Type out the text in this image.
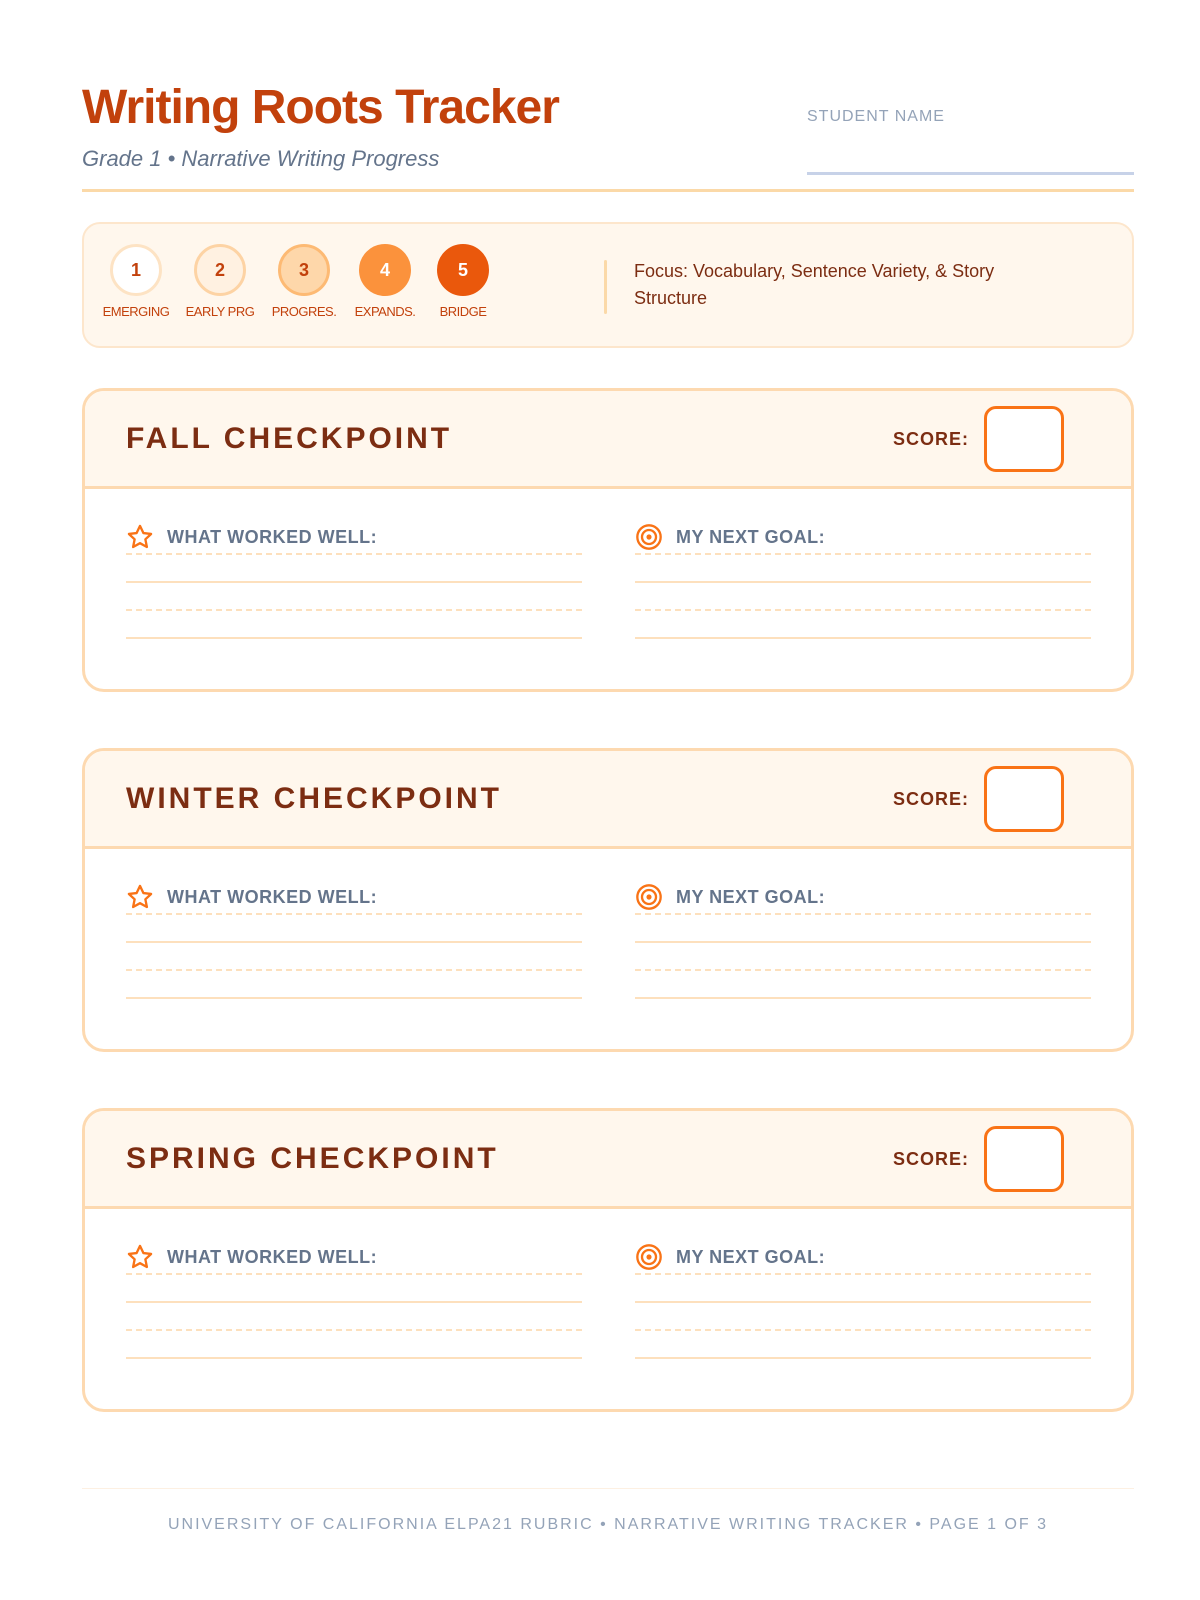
Writing Roots Tracker
Grade 1 • Narrative Writing Progress
STUDENT NAME
1
EMERGING
2
EARLY PRG
3
PROGRES.
4
EXPANDS.
5
BRIDGE
Focus: Vocabulary, Sentence Variety, & Story Structure
FALL CHECKPOINT	SCORE:
WHAT WORKED WELL:	MY NEXT GOAL:
WINTER CHECKPOINT	SCORE:
WHAT WORKED WELL:	MY NEXT GOAL:
SPRING CHECKPOINT	SCORE:
WHAT WORKED WELL:	MY NEXT GOAL:
UNIVERSITY OF CALIFORNIA ELPA21 RUBRIC • NARRATIVE WRITING TRACKER • PAGE 1 OF 3
